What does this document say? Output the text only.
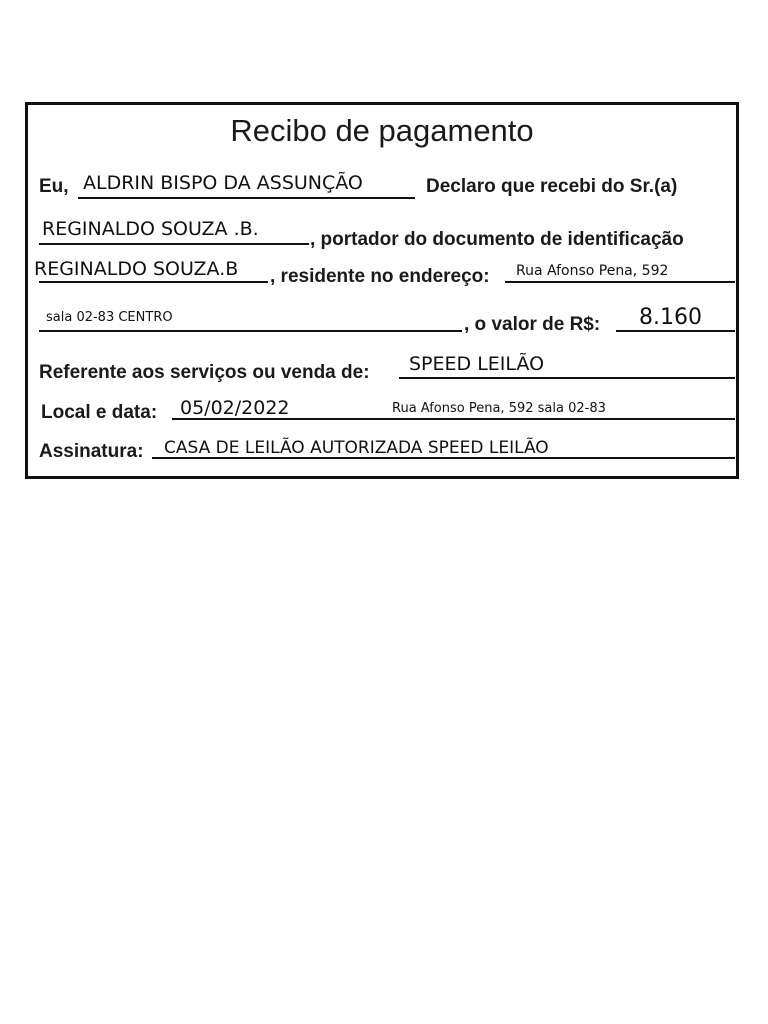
Recibo de pagamento
Eu, ALDRIN BISPO DA ASSUNÇÃO	Declaro que recebi do Sr.(a)
REGINALDO SOUZA .B.	, portador do documento de identificação
REGINALDO SOUZA.B , residente no endereço: Rua Afonso Pena, 592
sala 02-83 CENTRO	, o valor de R$: 8.160
Referente aos serviços ou venda de: SPEED LEILÃO
Local e data: 05/02/2022	Rua Afonso Pena, 592 sala 02-83
Assinatura: CASA DE LEILÃO AUTORIZADA SPEED LEILÃO
